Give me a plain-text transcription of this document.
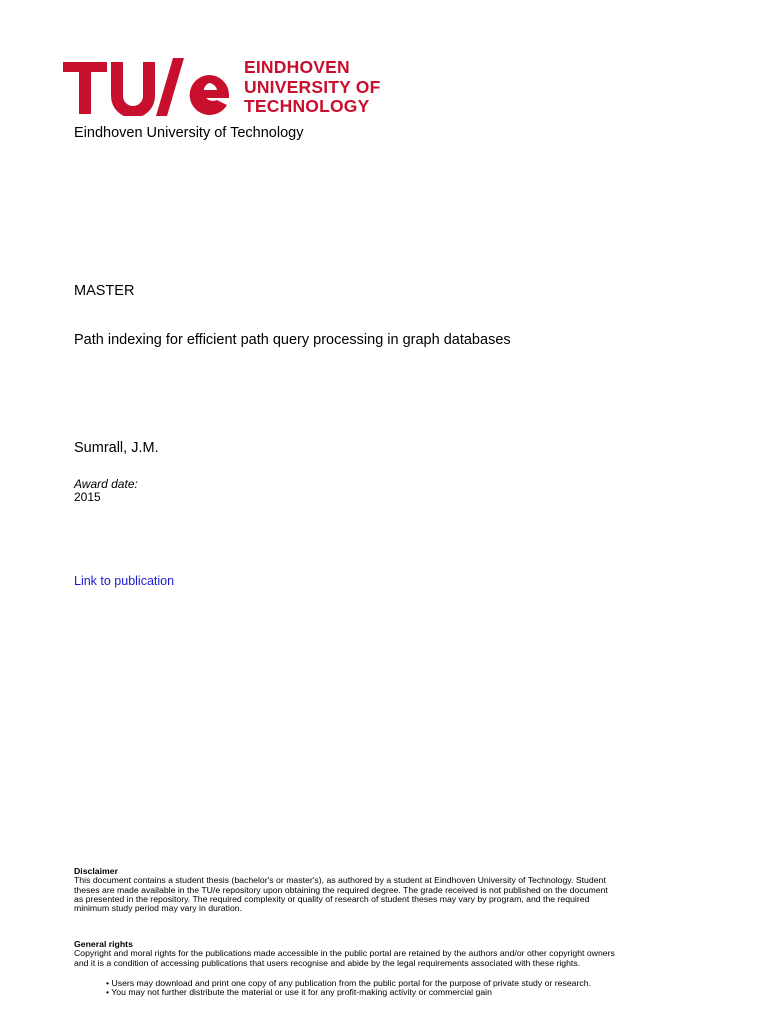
EINDHOVEN
UNIVERSITY OF
TECHNOLOGY
Eindhoven University of Technology
MASTER
Path indexing for efficient path query processing in graph databases
Sumrall, J.M.
Award date:
2015
Link to publication
Disclaimer
This document contains a student thesis (bachelor's or master's), as authored by a student at Eindhoven University of Technology. Student
theses are made available in the TU/e repository upon obtaining the required degree. The grade received is not published on the document
as presented in the repository. The required complexity or quality of research of student theses may vary by program, and the required
minimum study period may vary in duration.
General rights
Copyright and moral rights for the publications made accessible in the public portal are retained by the authors and/or other copyright owners
and it is a condition of accessing publications that users recognise and abide by the legal requirements associated with these rights.
• Users may download and print one copy of any publication from the public portal for the purpose of private study or research.
• You may not further distribute the material or use it for any profit-making activity or commercial gain
